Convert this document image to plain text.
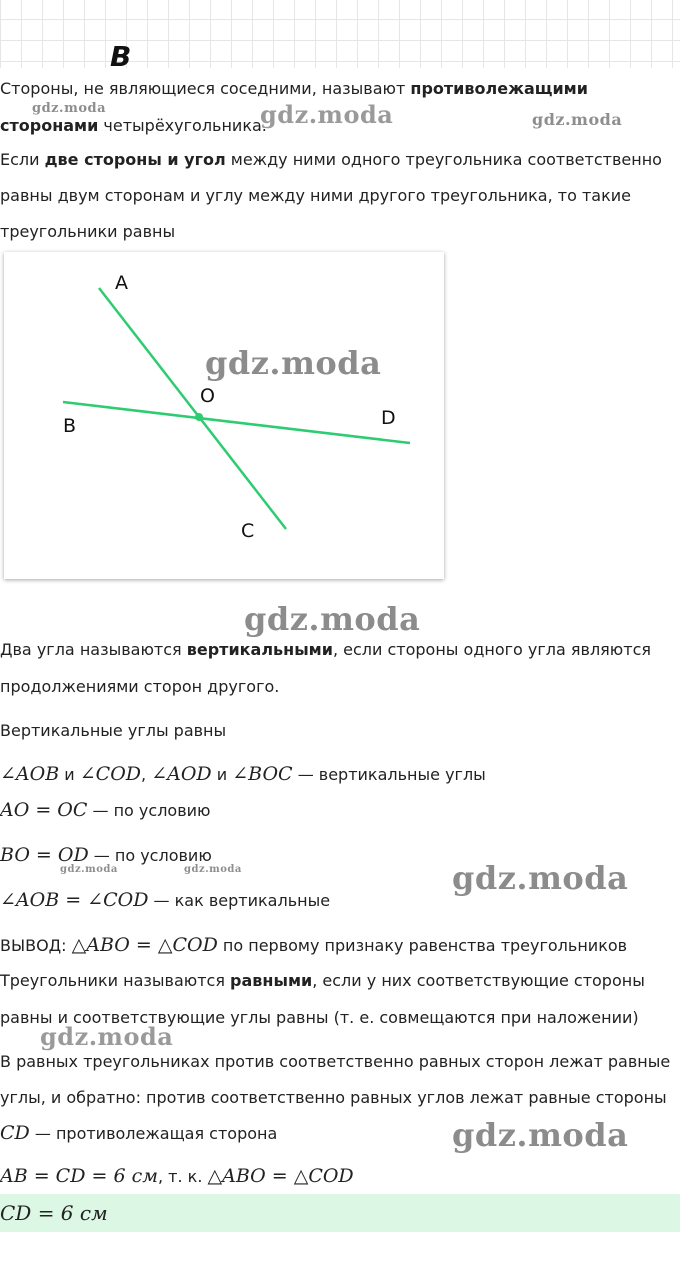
В
Стороны, не являющиеся соседними, называют противолежащими
сторонами четырёхугольника.
Если две стороны и угол между ними одного треугольника соответственно
равны двум сторонам и углу между ними другого треугольника, то такие
треугольники равны
A
B
O
D
C
Два угла называются вертикальными, если стороны одного угла являются
продолжениями сторон другого.
Вертикальные углы равны
∠AOB и ∠COD, ∠AOD и ∠BOC — вертикальные углы
AO = OC — по условию
BO = OD — по условию
∠AOB = ∠COD — как вертикальные
ВЫВОД: △ABO = △COD по первому признаку равенства треугольников
Треугольники называются равными, если у них соответствующие стороны
равны и соответствующие углы равны (т. е. совмещаются при наложении)
В равных треугольниках против соответственно равных сторон лежат равные
углы, и обратно: против соответственно равных углов лежат равные стороны
CD — противолежащая сторона
AB = CD = 6 см, т. к. △ABO = △COD
CD = 6 см
gdz.moda	gdz.moda	gdz.moda
gdz.moda
gdz.moda
gdz.moda	gdz.moda	gdz.moda
gdz.moda
gdz.moda
